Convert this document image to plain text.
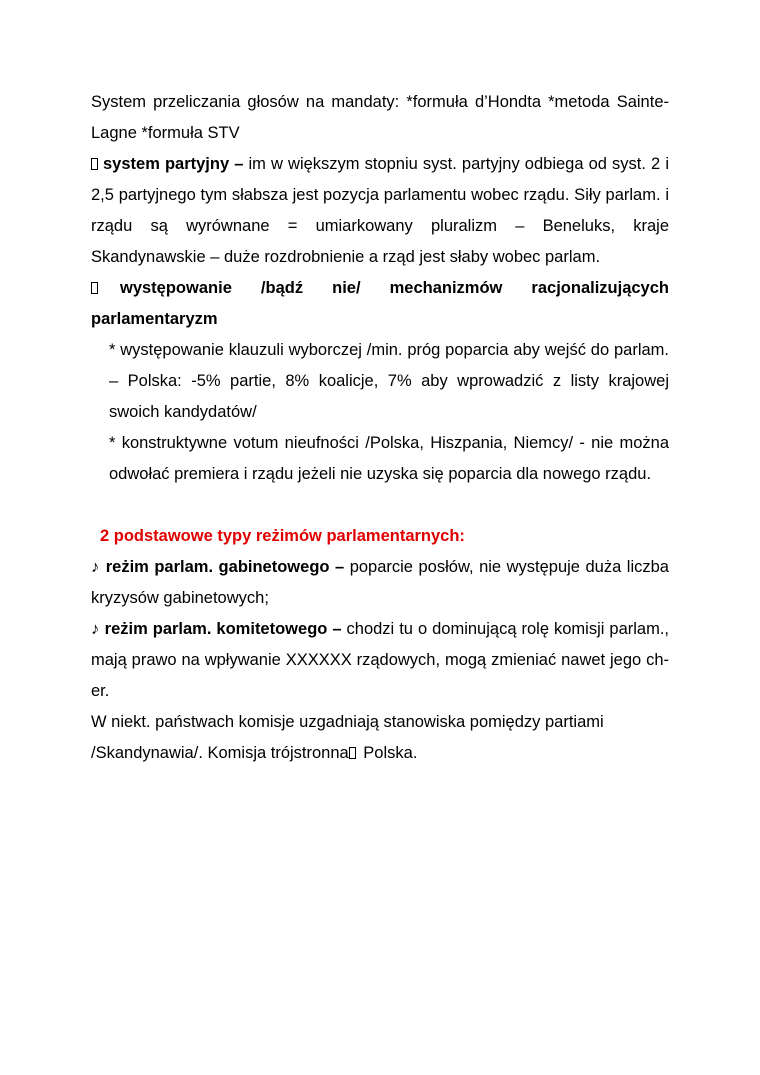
System przeliczania głosów na mandaty: *formuła d’Hondta *metoda Sainte-Lagne *formuła STV

system partyjny – im w większym stopniu syst. partyjny odbiega od syst. 2 i 2,5 partyjnego tym słabsza jest pozycja parlamentu wobec rządu. Siły parlam. i rządu są wyrównane = umiarkowany pluralizm – Beneluks, kraje Skandynawskie – duże rozdrobnienie a rząd jest słaby wobec parlam.

występowanie /bądź nie/ mechanizmów racjonalizujących parlamentaryzm

* występowanie klauzuli wyborczej /min. próg poparcia aby wejść do parlam. – Polska: -5% partie, 8% koalicje, 7% aby wprowadzić z listy krajowej swoich kandydatów/

* konstruktywne votum nieufności /Polska, Hiszpania, Niemcy/ - nie można odwołać premiera i rządu jeżeli nie uzyska się poparcia dla nowego rządu.

2 podstawowe typy reżimów parlamentarnych:

♪ reżim parlam. gabinetowego – poparcie posłów, nie występuje duża liczba kryzysów gabinetowych;

♪ reżim parlam. komitetowego – chodzi tu o dominującą rolę komisji parlam., mają prawo na wpływanie XXXXXX rządowych, mogą zmieniać nawet jego ch-er.

W niekt. państwach komisje uzgadniają stanowiska pomiędzy partiami /Skandynawia/. Komisja trójstronna Polska.
